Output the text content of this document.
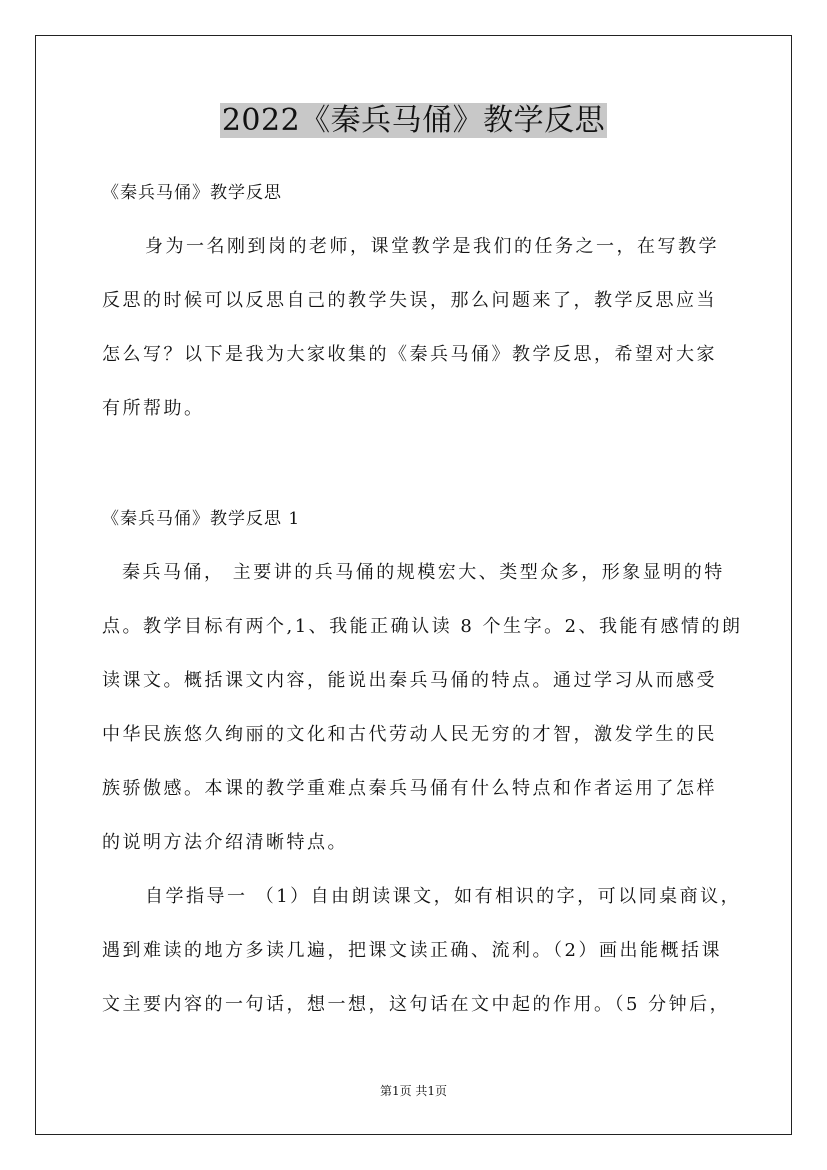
2022《秦兵马俑》教学反思
《秦兵马俑》教学反思
身为一名刚到岗的老师，课堂教学是我们的任务之一，在写教学
反思的时候可以反思自己的教学失误，那么问题来了，教学反思应当
怎么写？以下是我为大家收集的《秦兵马俑》教学反思，希望对大家
有所帮助。
《秦兵马俑》教学反思 1
秦兵马俑， 主要讲的兵马俑的规模宏大、类型众多，形象显明的特
点。教学目标有两个,1、我能正确认读 8 个生字。2、我能有感情的朗
读课文。概括课文内容，能说出秦兵马俑的特点。通过学习从而感受
中华民族悠久绚丽的文化和古代劳动人民无穷的才智，激发学生的民
族骄傲感。本课的教学重难点秦兵马俑有什么特点和作者运用了怎样
的说明方法介绍清晰特点。
自学指导一 （1）自由朗读课文，如有相识的字，可以同桌商议，
遇到难读的地方多读几遍，把课文读正确、流利。（2）画出能概括课
文主要内容的一句话，想一想，这句话在文中起的作用。（5 分钟后，
第1页 共1页
